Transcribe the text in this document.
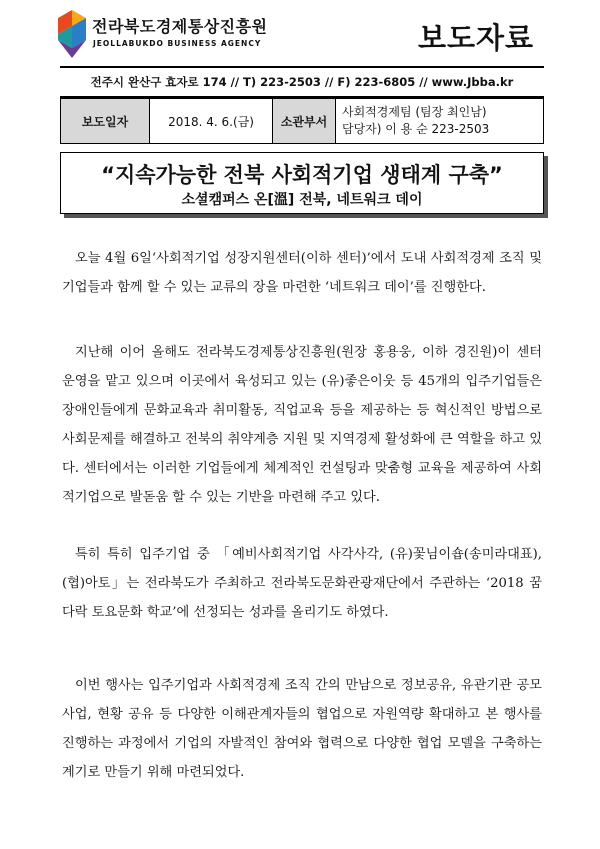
전라북도경제통상진흥원
JEOLLABUKDO BUSINESS AGENCY	보도자료
전주시 완산구 효자로 174 // T) 223-2503 // F) 223-6805 // www.Jbba.kr
보도일자	2018. 4. 6.(금)	소관부서	
사회적경제팀 (팀장 최인남)
담당자) 이 용 순 223-2503
“지속가능한 전북 사회적기업 생태계 구축”
소셜캠퍼스 온[溫] 전북, 네트워크 데이

오늘 4월 6일‘사회적기업 성장지원센터(이하 센터)’에서 도내 사회적경제 조직 및 기업들과 함께 할 수 있는 교류의 장을 마련한 ‘네트워크 데이’를 진행한다.

지난해 이어 올해도 전라북도경제통상진흥원(원장 홍용웅, 이하 경진원)이 센터 운영을 맡고 있으며 이곳에서 육성되고 있는 (유)좋은이웃 등 45개의 입주기업들은 장애인들에게 문화교육과 취미활동, 직업교육 등을 제공하는 등 혁신적인 방법으로 사회문제를 해결하고 전북의 취약계층 지원 및 지역경제 활성화에 큰 역할을 하고 있다. 센터에서는 이러한 기업들에게 체계적인 컨설팅과 맞춤형 교육을 제공하여 사회적기업으로 발돋움 할 수 있는 기반을 마련해 주고 있다.

특히 특히 입주기업 중 「예비사회적기업 사각사각, (유)꽃님이숍(송미라대표), (협)아토」는 전라북도가 주최하고 전라북도문화관광재단에서 주관하는 ‘2018 꿈다락 토요문화 학교’에 선정되는 성과를 올리기도 하였다.

이번 행사는 입주기업과 사회적경제 조직 간의 만남으로 정보공유, 유관기관 공모사업, 현황 공유 등 다양한 이해관계자들의 협업으로 자원역량 확대하고 본 행사를 진행하는 과정에서 기업의 자발적인 참여와 협력으로 다양한 협업 모델을 구축하는 계기로 만들기 위해 마련되었다.
